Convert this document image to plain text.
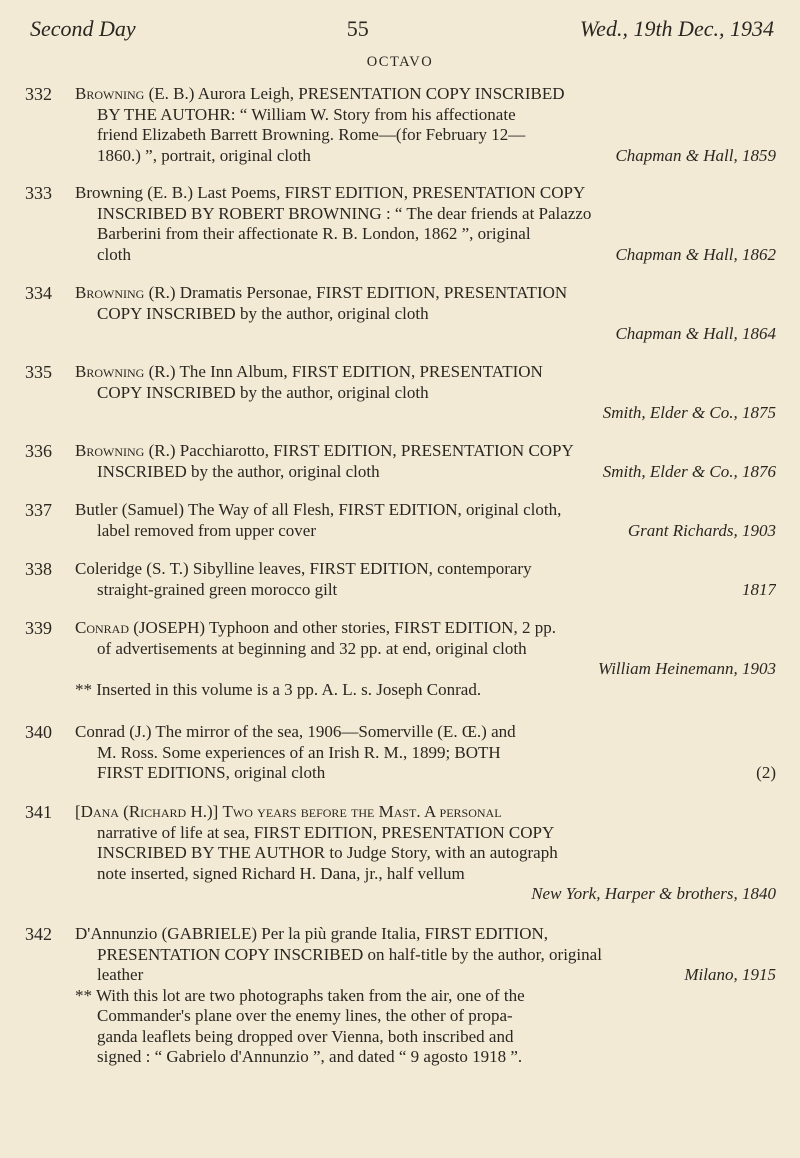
Second Day	55	Wed., 19th Dec., 1934
OCTAVO
332 Browning (E. B.) Aurora Leigh, PRESENTATION COPY INSCRIBED
BY THE AUTOHR: “ William W. Story from his affectionate
friend Elizabeth Barrett Browning. Rome—(for February 12—
1860.) ”, portrait, original cloth	Chapman & Hall, 1859
333 Browning (E. B.) Last Poems, FIRST EDITION, PRESENTATION COPY
INSCRIBED BY ROBERT BROWNING : “ The dear friends at Palazzo
Barberini from their affectionate R. B. London, 1862 ”, original
cloth	Chapman & Hall, 1862
334 Browning (R.) Dramatis Personae, FIRST EDITION, PRESENTATION
COPY INSCRIBED by the author, original cloth
Chapman & Hall, 1864
335 Browning (R.) The Inn Album, FIRST EDITION, PRESENTATION
COPY INSCRIBED by the author, original cloth
Smith, Elder & Co., 1875
336 Browning (R.) Pacchiarotto, FIRST EDITION, PRESENTATION COPY
INSCRIBED by the author, original cloth	Smith, Elder & Co., 1876
337 Butler (Samuel) The Way of all Flesh, FIRST EDITION, original cloth,
label removed from upper cover	Grant Richards, 1903
338 Coleridge (S. T.) Sibylline leaves, FIRST EDITION, contemporary
straight-grained green morocco gilt	1817
339 Conrad (JOSEPH) Typhoon and other stories, FIRST EDITION, 2 pp.
of advertisements at beginning and 32 pp. at end, original cloth
William Heinemann, 1903
** Inserted in this volume is a 3 pp. A. L. s. Joseph Conrad.
340 Conrad (J.) The mirror of the sea, 1906—Somerville (E. Œ.) and
M. Ross. Some experiences of an Irish R. M., 1899; BOTH
FIRST EDITIONS, original cloth	(2)
341 [Dana (Richard H.)] Two years before the Mast. A personal
narrative of life at sea, FIRST EDITION, PRESENTATION COPY
INSCRIBED BY THE AUTHOR to Judge Story, with an autograph
note inserted, signed Richard H. Dana, jr., half vellum
New York, Harper & brothers, 1840
342 D'Annunzio (GABRIELE) Per la più grande Italia, FIRST EDITION,
PRESENTATION COPY INSCRIBED on half-title by the author, original
leather	Milano, 1915
** With this lot are two photographs taken from the air, one of the
Commander's plane over the enemy lines, the other of propa-
ganda leaflets being dropped over Vienna, both inscribed and
signed : “ Gabrielo d'Annunzio ”, and dated “ 9 agosto 1918 ”.
